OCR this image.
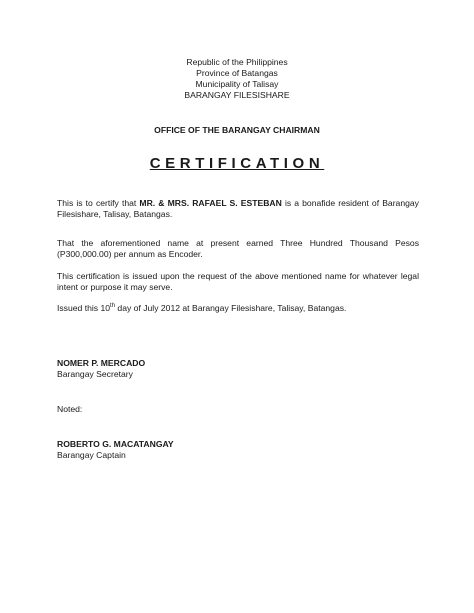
Republic of the Philippines
Province of Batangas
Municipality of Talisay
BARANGAY FILESISHARE
OFFICE OF THE BARANGAY CHAIRMAN
CERTIFICATION
This is to certify that MR. & MRS. RAFAEL S. ESTEBAN is a bonafide resident of Barangay Filesishare, Talisay, Batangas.
That the aforementioned name at present earned Three Hundred Thousand Pesos (P300,000.00) per annum as Encoder.
This certification is issued upon the request of the above mentioned name for whatever legal intent or purpose it may serve.
Issued this 10th day of July 2012 at Barangay Filesishare, Talisay, Batangas.
NOMER P. MERCADO
Barangay Secretary
Noted:
ROBERTO G. MACATANGAY
Barangay Captain
